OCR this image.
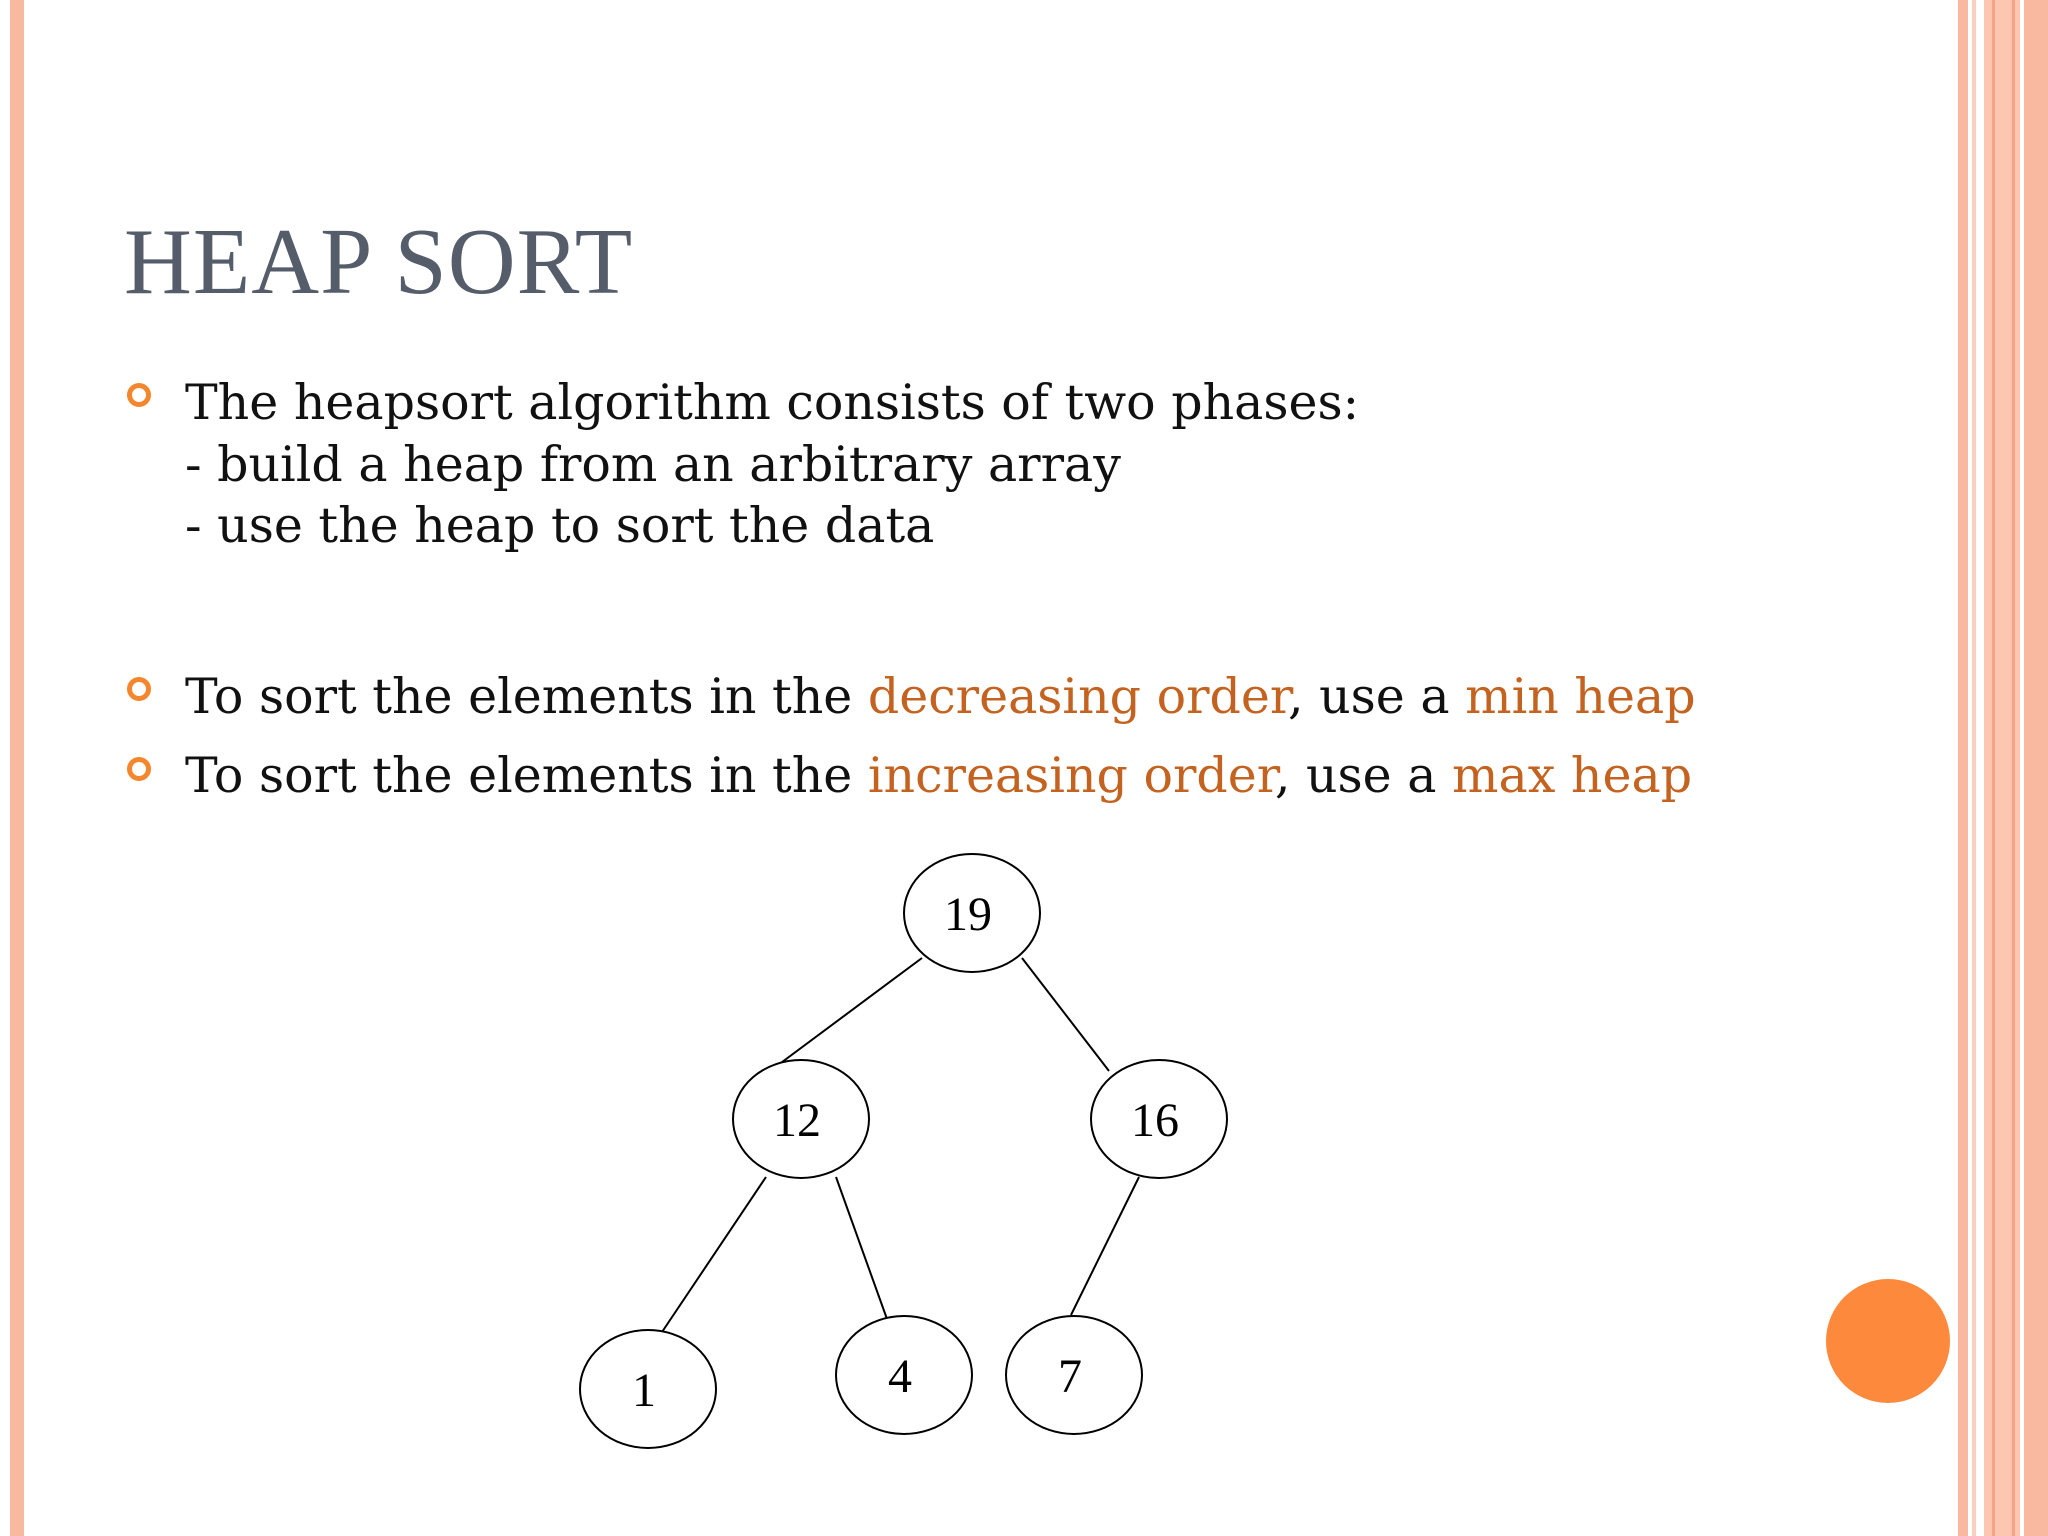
HEAP SORT
The heapsort algorithm consists of two phases:
- build a heap from an arbitrary array
- use the heap to sort the data
To sort the elements in the decreasing order, use a min heap
To sort the elements in the increasing order, use a max heap
19
12	16
1	4	7
